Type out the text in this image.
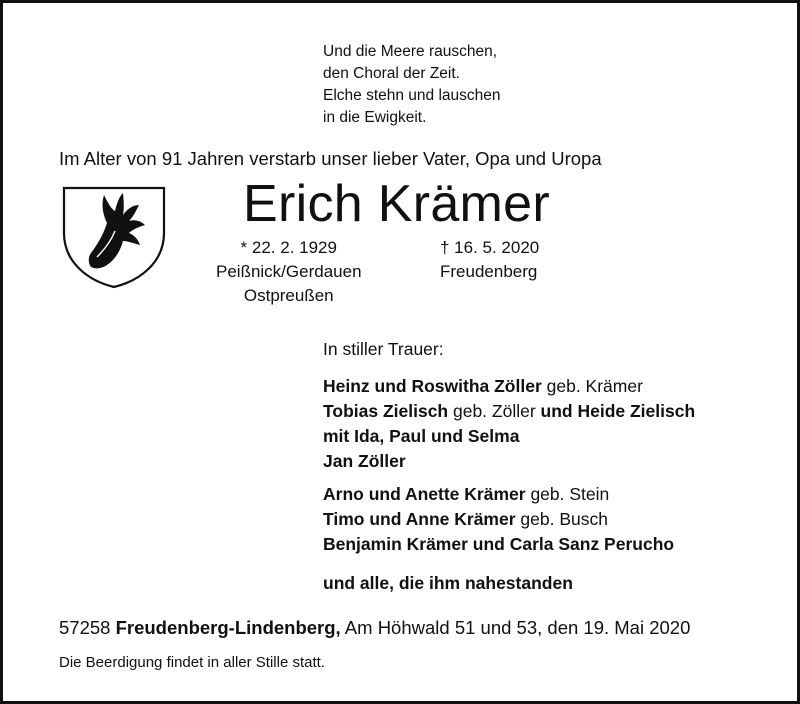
Und die Meere rauschen,
den Choral der Zeit.
Elche stehn und lauschen
in die Ewigkeit.
Im Alter von 91 Jahren verstarb unser lieber Vater, Opa und Uropa
Erich Krämer
* 22. 2. 1929
Peißnick/Gerdauen
Ostpreußen
† 16. 5. 2020
Freudenberg
In stiller Trauer:
Heinz und Roswitha Zöller geb. Krämer
Tobias Zielisch geb. Zöller und Heide Zielisch
mit Ida, Paul und Selma
Jan Zöller
Arno und Anette Krämer geb. Stein
Timo und Anne Krämer geb. Busch
Benjamin Krämer und Carla Sanz Perucho
und alle, die ihm nahestanden
57258 Freudenberg-Lindenberg, Am Höhwald 51 und 53, den 19. Mai 2020
Die Beerdigung findet in aller Stille statt.
